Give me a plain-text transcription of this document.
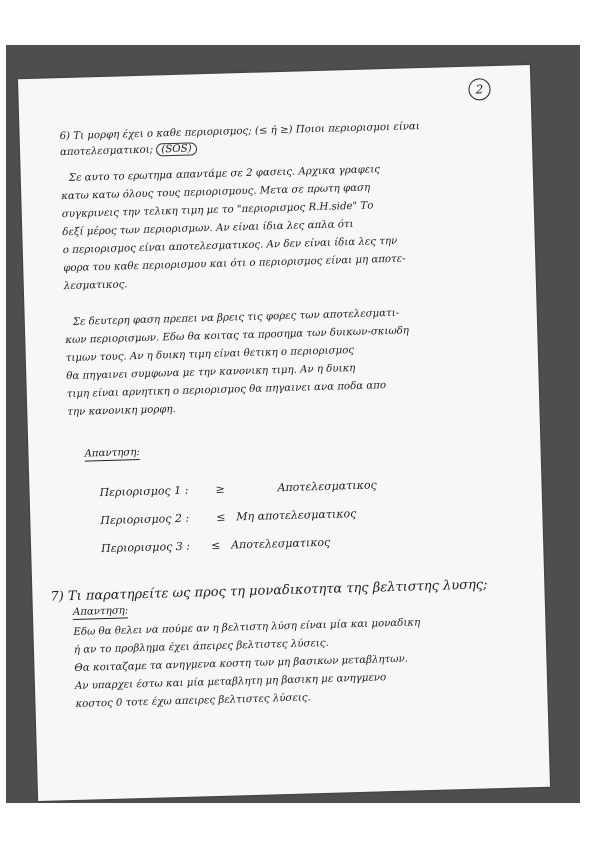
2
6) Τι μορφη έχει ο καθε περιορισμος; (≤ ή ≥) Ποιοι περιορισμοι είναι
αποτελεσματικοι; (SOS)
Σε αυτο το ερωτημα απαντάμε σε 2 φασεις. Αρχικα γραφεις
κατω κατω όλους τους περιορισμους. Μετα σε πρωτη φαση
συγκρινεις την τελικη τιμη με το "περιορισμος R.H.side" Το
δεξί μέρος των περιορισμων. Αν είναι ίδια λες απλα ότι
ο περιορισμος είναι αποτελεσματικος. Αν δεν είναι ίδια λες την
φορα του καθε περιορισμου και ότι ο περιορισμος είναι μη αποτε-
λεσματικος.
Σε δευτερη φαση πρεπει να βρεις τις φορες των αποτελεσματι-
κων περιορισμων. Εδω θα κοιτας τα προσημα των δυικων-σκιωδη
τιμων τους. Αν η δυικη τιμη είναι θετικη ο περιορισμος
θα πηγαινει συμφωνα με την κανονικη τιμη. Αν η δυικη
τιμη είναι αρνητικη ο περιορισμος θα πηγαινει ανα ποδα απο
την κανονικη μορφη.
Απαντηση:
Περιορισμος 1 : ≥	Αποτελεσματικος
Περιορισμος 2 : ≤ Μη αποτελεσματικος
Περιορισμος 3 : ≤ Αποτελεσματικος
7) Τι παρατηρείτε ως προς τη μοναδικοτητα της βελτιστης λυσης;
Απαντηση:
Εδω θα θελει να πούμε αν η βελτιστη λύση είναι μία και μοναδικη
ή αν το προβλημα έχει άπειρες βελτιστες λύσεις.
Θα κοιταζαμε τα ανηγμενα κοστη των μη βασικων μεταβλητων.
Αν υπαρχει έστω και μία μεταβλητη μη βασικη με ανηγμενο
κοστος 0 τοτε έχω απειρες βελτιστες λύσεις.
